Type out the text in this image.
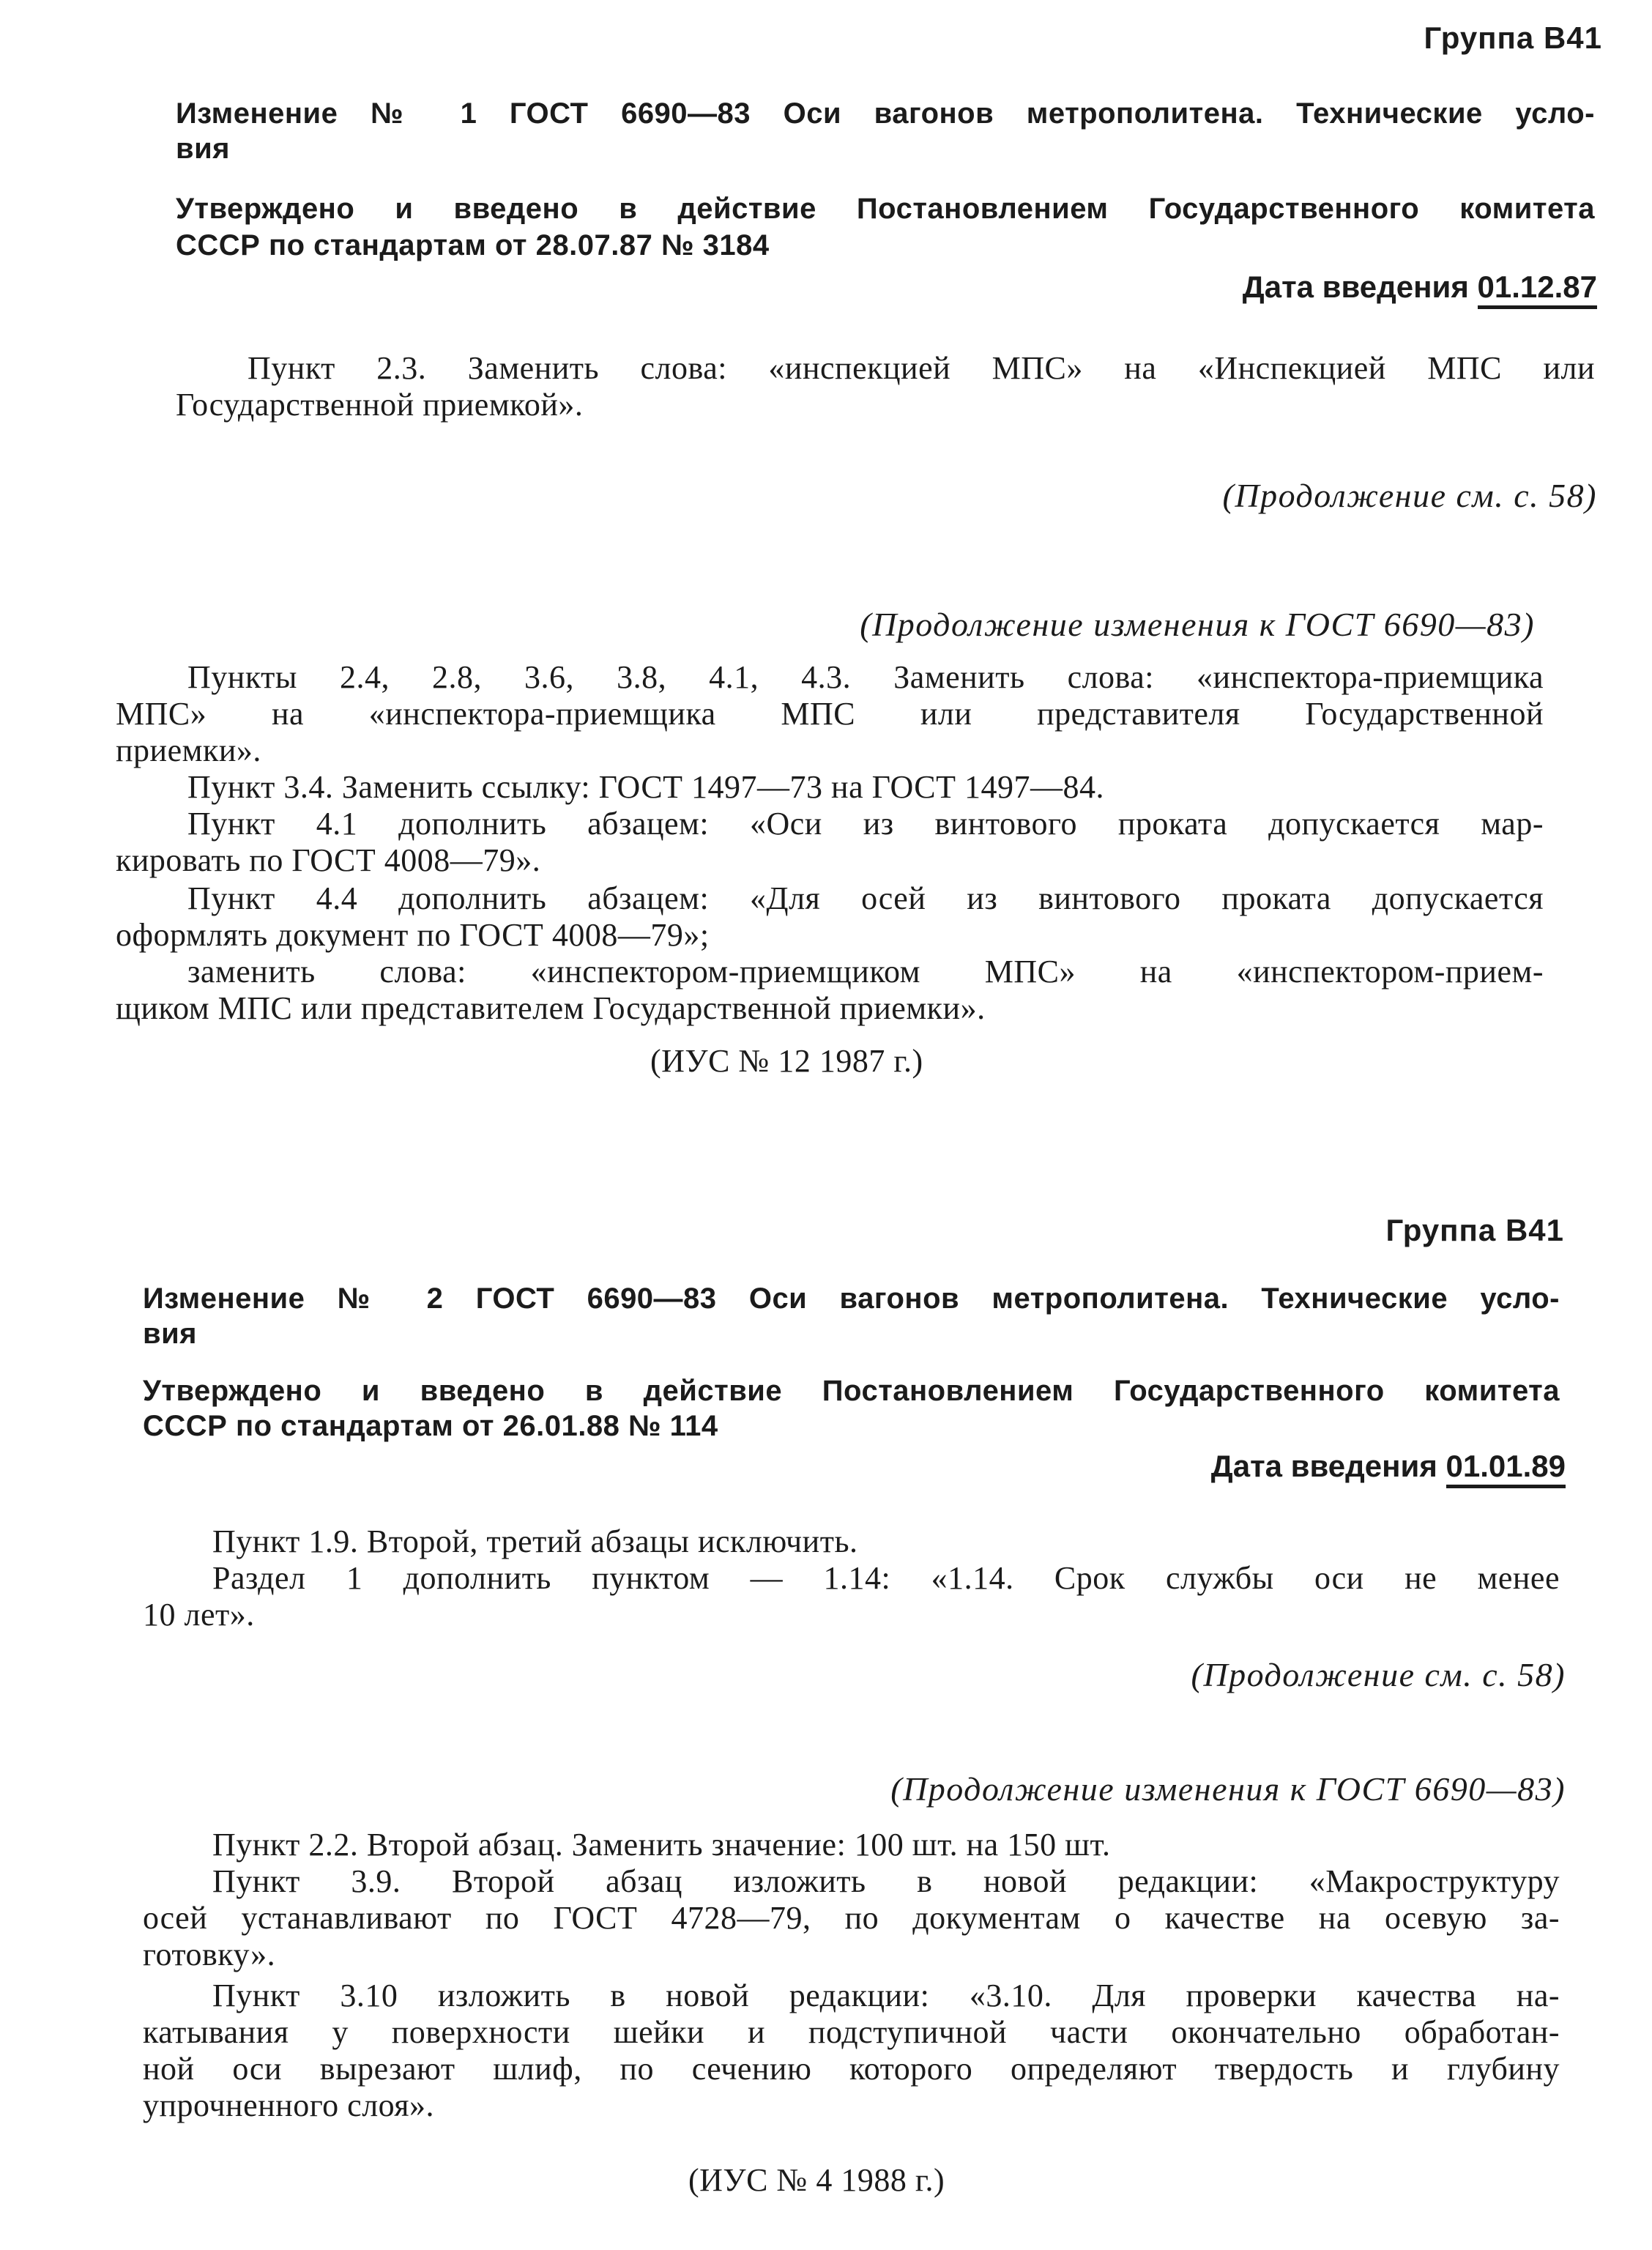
Группа В41
Изменение № 1 ГОСТ 6690—83 Оси вагонов метрополитена. Технические усло-
вия
Утверждено и введено в действие Постановлением Государственного комитета
СССР по стандартам от 28.07.87 № 3184
Дата введения 01.12.87
Пункт 2.3. Заменить слова: «инспекцией МПС» на «Инспекцией МПС или
Государственной приемкой».
(Продолжение см. с. 58)
(Продолжение изменения к ГОСТ 6690—83)
Пункты 2.4, 2.8, 3.6, 3.8, 4.1, 4.3. Заменить слова: «инспектора-приемщика
МПС» на «инспектора-приемщика МПС или представителя Государственной
приемки».
Пункт 3.4. Заменить ссылку: ГОСТ 1497—73 на ГОСТ 1497—84.
Пункт 4.1 дополнить абзацем: «Оси из винтового проката допускается мар-
кировать по ГОСТ 4008—79».
Пункт 4.4 дополнить абзацем: «Для осей из винтового проката допускается
оформлять документ по ГОСТ 4008—79»;
заменить слова: «инспектором-приемщиком МПС» на «инспектором-прием-
щиком МПС или представителем Государственной приемки».
(ИУС № 12 1987 г.)
Группа В41
Изменение № 2 ГОСТ 6690—83 Оси вагонов метрополитена. Технические усло-
вия
Утверждено и введено в действие Постановлением Государственного комитета
СССР по стандартам от 26.01.88 № 114
Дата введения 01.01.89
Пункт 1.9. Второй, третий абзацы исключить.
Раздел 1 дополнить пунктом — 1.14: «1.14. Срок службы оси не менее
10 лет».
(Продолжение см. с. 58)
(Продолжение изменения к ГОСТ 6690—83)
Пункт 2.2. Второй абзац. Заменить значение: 100 шт. на 150 шт.
Пункт 3.9. Второй абзац изложить в новой редакции: «Макроструктуру
осей устанавливают по ГОСТ 4728—79, по документам о качестве на осевую за-
готовку».
Пункт 3.10 изложить в новой редакции: «3.10. Для проверки качества на-
катывания у поверхности шейки и подступичной части окончательно обработан-
ной оси вырезают шлиф, по сечению которого определяют твердость и глубину
упрочненного слоя».
(ИУС № 4 1988 г.)
